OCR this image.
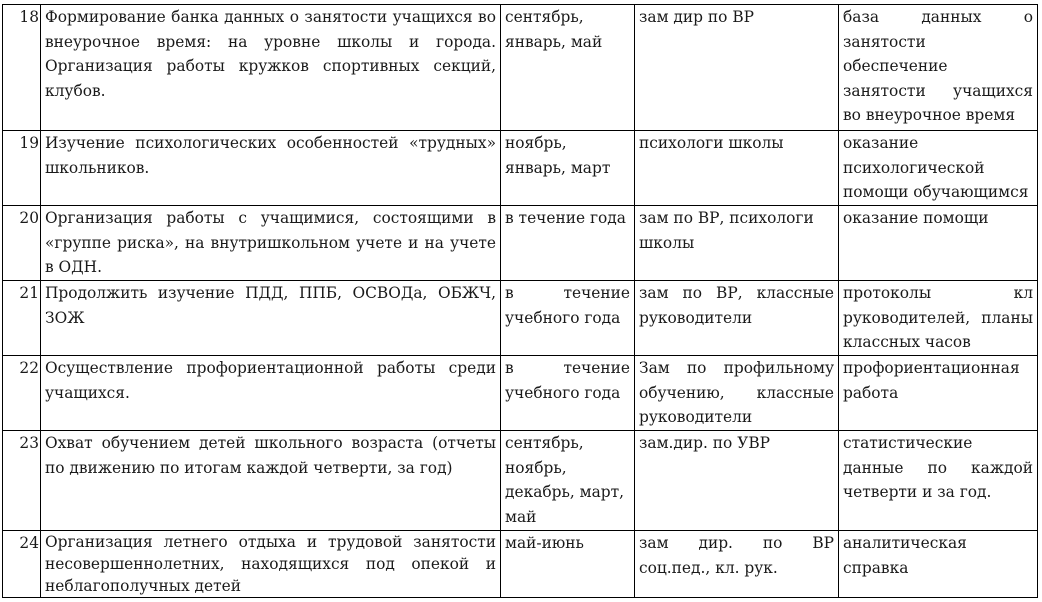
18	Формирование банка данных о занятости учащихся во внеурочное время: на уровне школы и города. Организация работы кружков спортивных секций, клубов.	сентябрь, январь, май	зам дир по ВР	база данных о занятости обеспечение занятости учащихся во внеурочное время
19	Изучение психологических особенностей «трудных» школьников.	ноябрь, январь, март	психологи школы	оказание психологической помощи обучающимся
20	Организация работы с учащимися, состоящими в «группе риска», на внутришкольном учете и на учете в ОДН.	в течение года	зам по ВР, психологи школы	оказание помощи
21	Продолжить изучение ПДД, ППБ, ОСВОДа, ОБЖЧ, ЗОЖ	в течение учебного года	зам по ВР, классные руководители	протоколы кл руководителей, планы классных часов
22	Осуществление профориентационной работы среди учащихся.	в течение учебного года	Зам по профильному обучению, классные руководители	профориентационная работа
23	Охват обучением детей школьного возраста (отчеты по движению по итогам каждой четверти, за год)	сентябрь, ноябрь, декабрь, март, май	зам.дир. по УВР	статистические данные по каждой четверти и за год.
24	Организация летнего отдыха и трудовой занятости несовершеннолетних, находящихся под опекой и неблагополучных детей	май-июнь	зам дир. по ВР соц.пед., кл. рук.	аналитическая справка
